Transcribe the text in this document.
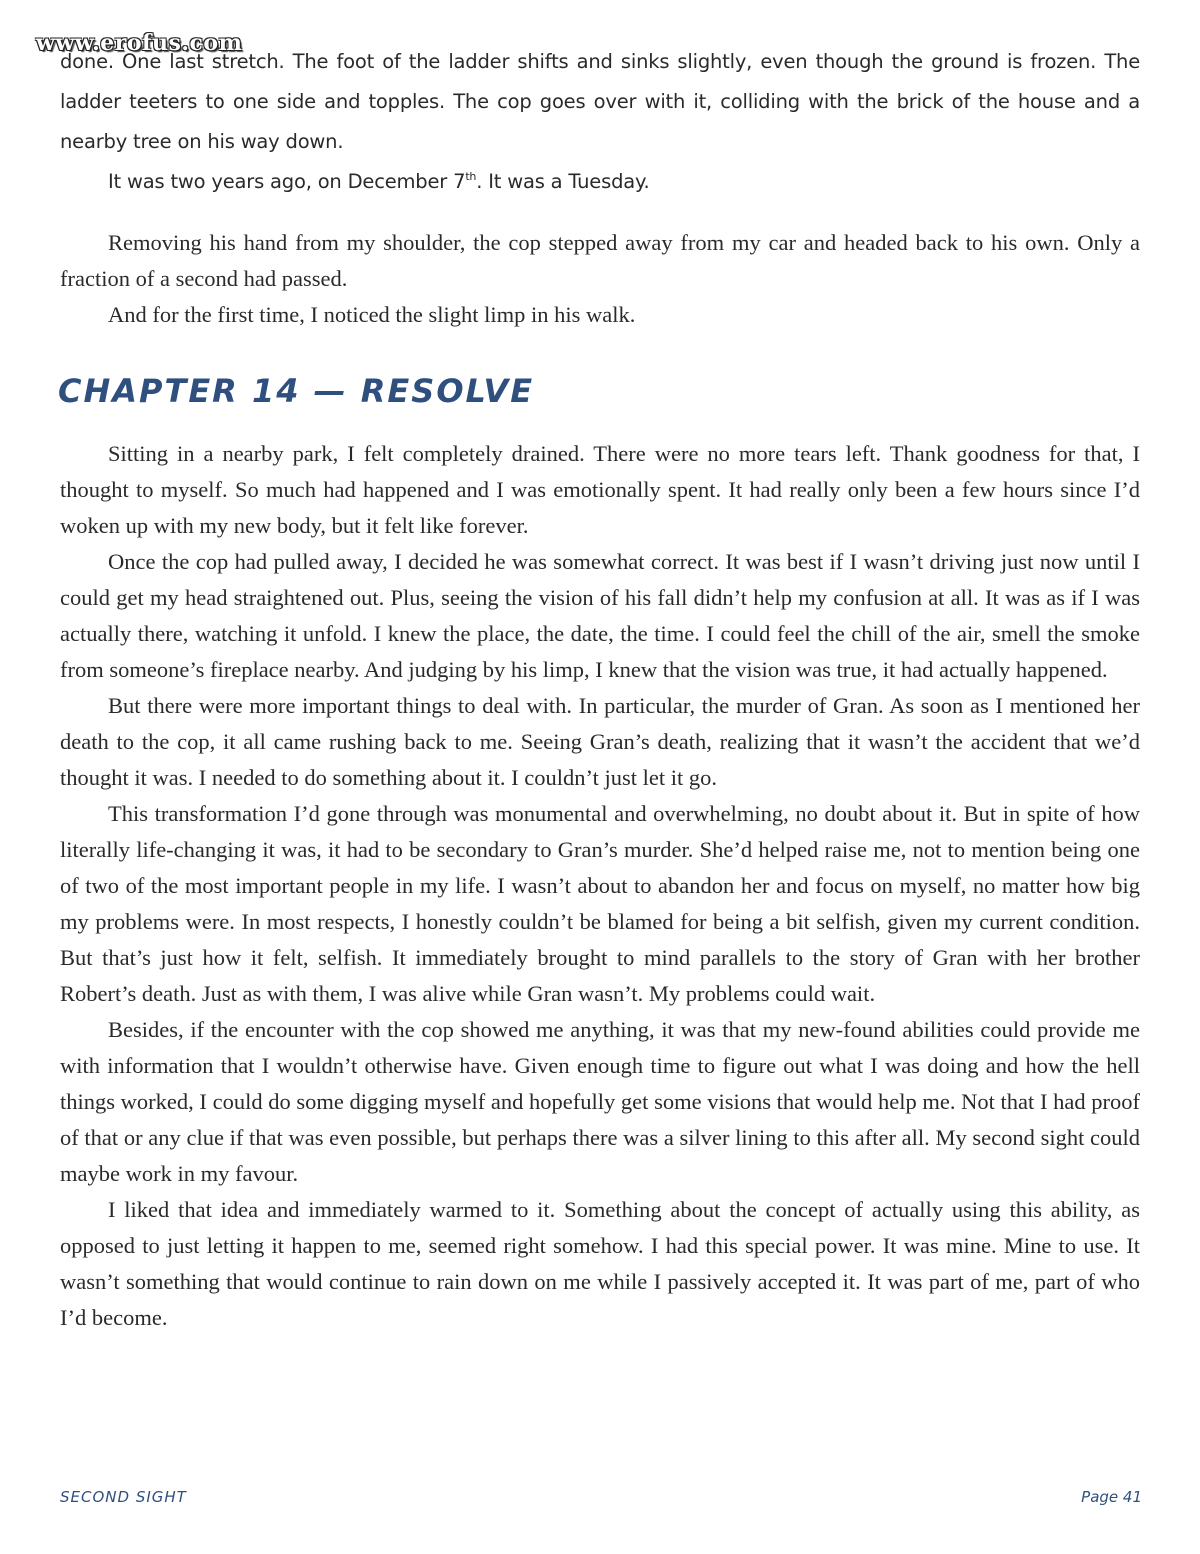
www.erofus.com

done. One last stretch. The foot of the ladder shifts and sinks slightly, even though the ground is frozen. The ladder teeters to one side and topples. The cop goes over with it, colliding with the brick of the house and a nearby tree on his way down.

It was two years ago, on December 7th. It was a Tuesday.

Removing his hand from my shoulder, the cop stepped away from my car and headed back to his own. Only a fraction of a second had passed.

And for the first time, I noticed the slight limp in his walk.

CHAPTER 14 — RESOLVE

Sitting in a nearby park, I felt completely drained. There were no more tears left. Thank goodness for that, I thought to myself. So much had happened and I was emotionally spent. It had really only been a few hours since I’d woken up with my new body, but it felt like forever.

Once the cop had pulled away, I decided he was somewhat correct. It was best if I wasn’t driving just now until I could get my head straightened out. Plus, seeing the vision of his fall didn’t help my confusion at all. It was as if I was actually there, watching it unfold. I knew the place, the date, the time. I could feel the chill of the air, smell the smoke from someone’s fireplace nearby. And judging by his limp, I knew that the vision was true, it had actually happened.

But there were more important things to deal with. In particular, the murder of Gran. As soon as I mentioned her death to the cop, it all came rushing back to me. Seeing Gran’s death, realizing that it wasn’t the accident that we’d thought it was. I needed to do something about it. I couldn’t just let it go.

This transformation I’d gone through was monumental and overwhelming, no doubt about it. But in spite of how literally life-changing it was, it had to be secondary to Gran’s murder. She’d helped raise me, not to mention being one of two of the most important people in my life. I wasn’t about to abandon her and focus on myself, no matter how big my problems were. In most respects, I honestly couldn’t be blamed for being a bit selfish, given my current condition. But that’s just how it felt, selfish. It immediately brought to mind parallels to the story of Gran with her brother Robert’s death. Just as with them, I was alive while Gran wasn’t. My problems could wait.

Besides, if the encounter with the cop showed me anything, it was that my new-found abilities could provide me with information that I wouldn’t otherwise have. Given enough time to figure out what I was doing and how the hell things worked, I could do some digging myself and hopefully get some visions that would help me. Not that I had proof of that or any clue if that was even possible, but perhaps there was a silver lining to this after all. My second sight could maybe work in my favour.

I liked that idea and immediately warmed to it. Something about the concept of actually using this ability, as opposed to just letting it happen to me, seemed right somehow. I had this special power. It was mine. Mine to use. It wasn’t something that would continue to rain down on me while I passively accepted it. It was part of me, part of who I’d become.

SECOND SIGHT	Page 41
